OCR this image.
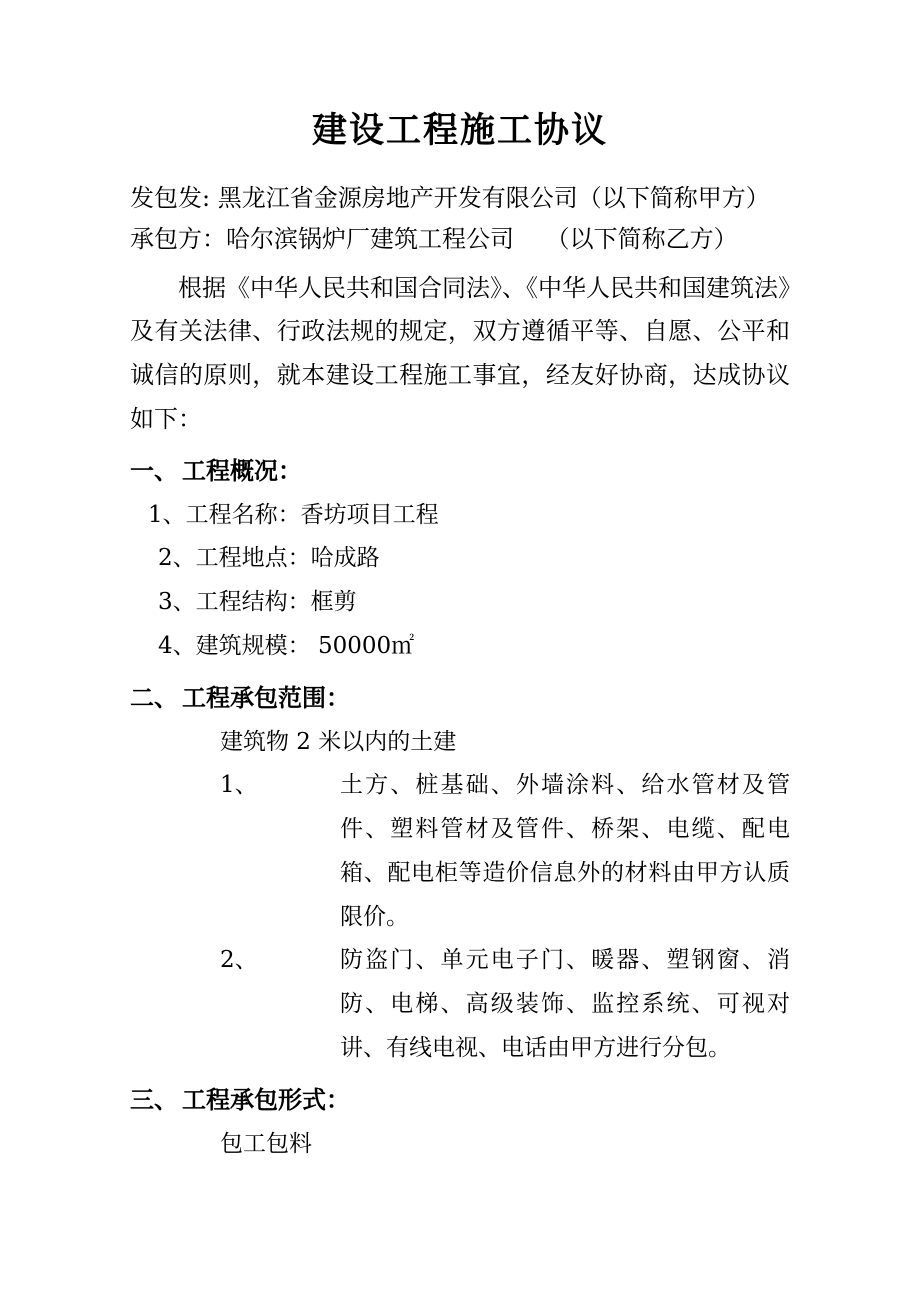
建设工程施工协议
发包发: 黑龙江省金源房地产开发有限公司（以下简称甲方）
承包方：哈尔滨锅炉厂建筑工程公司　 （以下简称乙方）
根据《中华人民共和国合同法》、《中华人民共和国建筑法》及有关法律、行政法规的规定，双方遵循平等、自愿、公平和诚信的原则，就本建设工程施工事宜，经友好协商，达成协议如下：
一、 工程概况：
1、工程名称：香坊项目工程
2、工程地点：哈成路
3、工程结构：框剪
4、建筑规模： 50000㎡
二、 工程承包范围：
建筑物 2 米以内的土建
1、	土方、桩基础、外墙涂料、给水管材及管件、塑料管材及管件、桥架、电缆、配电箱、配电柜等造价信息外的材料由甲方认质限价。
2、	防盗门、单元电子门、暖器、塑钢窗、消防、电梯、高级装饰、监控系统、可视对讲、有线电视、电话由甲方进行分包。
三、 工程承包形式：
包工包料
